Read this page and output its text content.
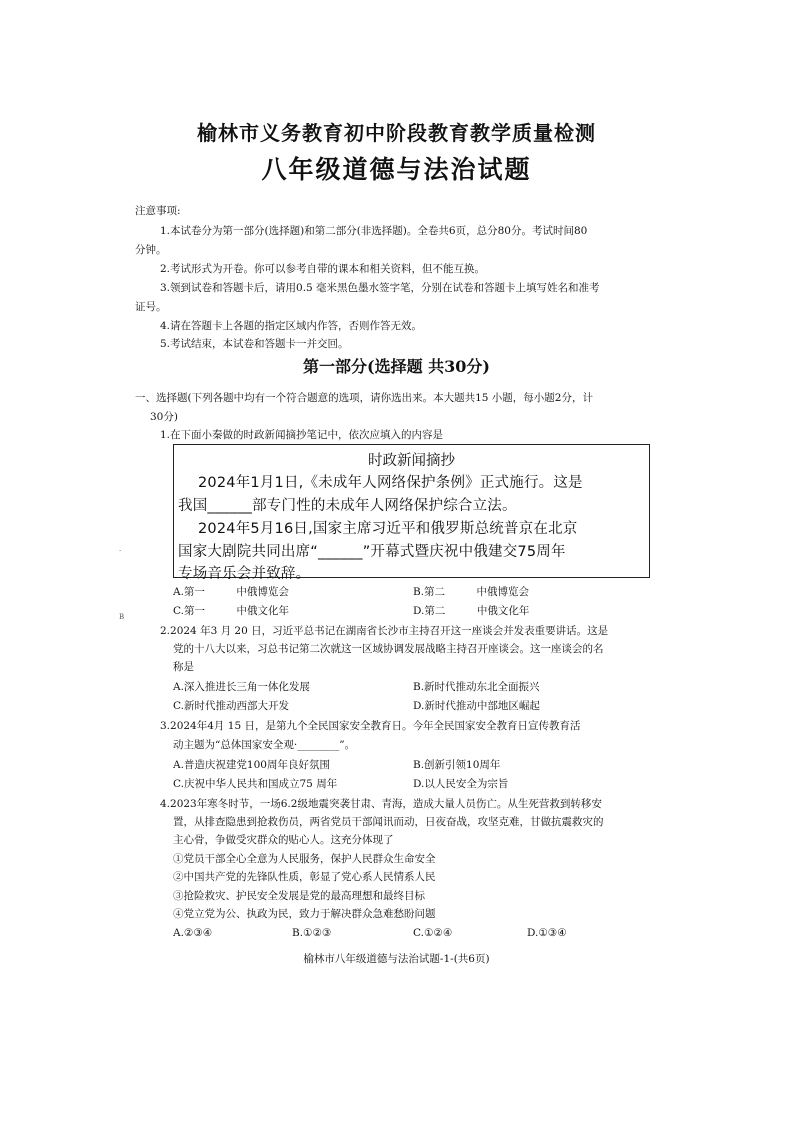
榆林市义务教育初中阶段教育教学质量检测
八年级道德与法治试题
注意事项:
1.本试卷分为第一部分(选择题)和第二部分(非选择题)。全卷共6页，总分80分。考试时间80
分钟。
2.考试形式为开卷。你可以参考自带的课本和相关资料，但不能互换。
3.领到试卷和答题卡后，请用0.5 毫米黑色墨水签字笔，分别在试卷和答题卡上填写姓名和准考
证号。
4.请在答题卡上各题的指定区域内作答，否则作答无效。
5.考试结束，本试卷和答题卡一并交回。
第一部分(选择题 共30分)
一、选择题(下列各题中均有一个符合题意的选项，请你选出来。本大题共15 小题，每小题2分，计
30分)
1.在下面小秦做的时政新闻摘抄笔记中，依次应填入的内容是
时政新闻摘抄
2024年1月1日,《未成年人网络保护条例》正式施行。这是
我国______部专门性的未成年人网络保护综合立法。
2024年5月16日,国家主席习近平和俄罗斯总统普京在北京
国家大剧院共同出席“______”开幕式暨庆祝中俄建交75周年
专场音乐会并致辞。
A.第一　　　中俄博览会	B.第二　　　中俄博览会
C.第一　　　中俄文化年	D.第二　　　中俄文化年
2.2024 年3 月 20 日，习近平总书记在湖南省长沙市主持召开这一座谈会并发表重要讲话。这是
党的十八大以来，习总书记第二次就这一区域协调发展战略主持召开座谈会。这一座谈会的名
称是
A.深入推进长三角一体化发展	B.新时代推动东北全面振兴
C.新时代推动西部大开发	D.新时代推动中部地区崛起
3.2024年4月 15 日，是第九个全民国家安全教育日。今年全民国家安全教育日宣传教育活
动主题为“总体国家安全观·________”。
A.普造庆祝建党100周年良好氛围	B.创新引领10周年
C.庆祝中华人民共和国成立75 周年	D.以人民安全为宗旨
4.2023年寒冬时节，一场6.2级地震突袭甘肃、青海，造成大量人员伤亡。从生死营救到转移安
置，从排查隐患到抢救伤员，两省党员干部闻讯而动，日夜奋战，攻坚克难，甘做抗震救灾的
主心骨，争做受灾群众的贴心人。这充分体现了
①党员干部全心全意为人民服务，保护人民群众生命安全
②中国共产党的先锋队性质，彰显了党心系人民情系人民
③抢险救灾、护民安全发展是党的最高理想和最终目标
④党立党为公、执政为民，致力于解决群众急难愁盼问题
A.②③④	B.①②③	C.①②④	D.①③④
榆林市八年级道德与法治试题-1-(共6页)
.
B
